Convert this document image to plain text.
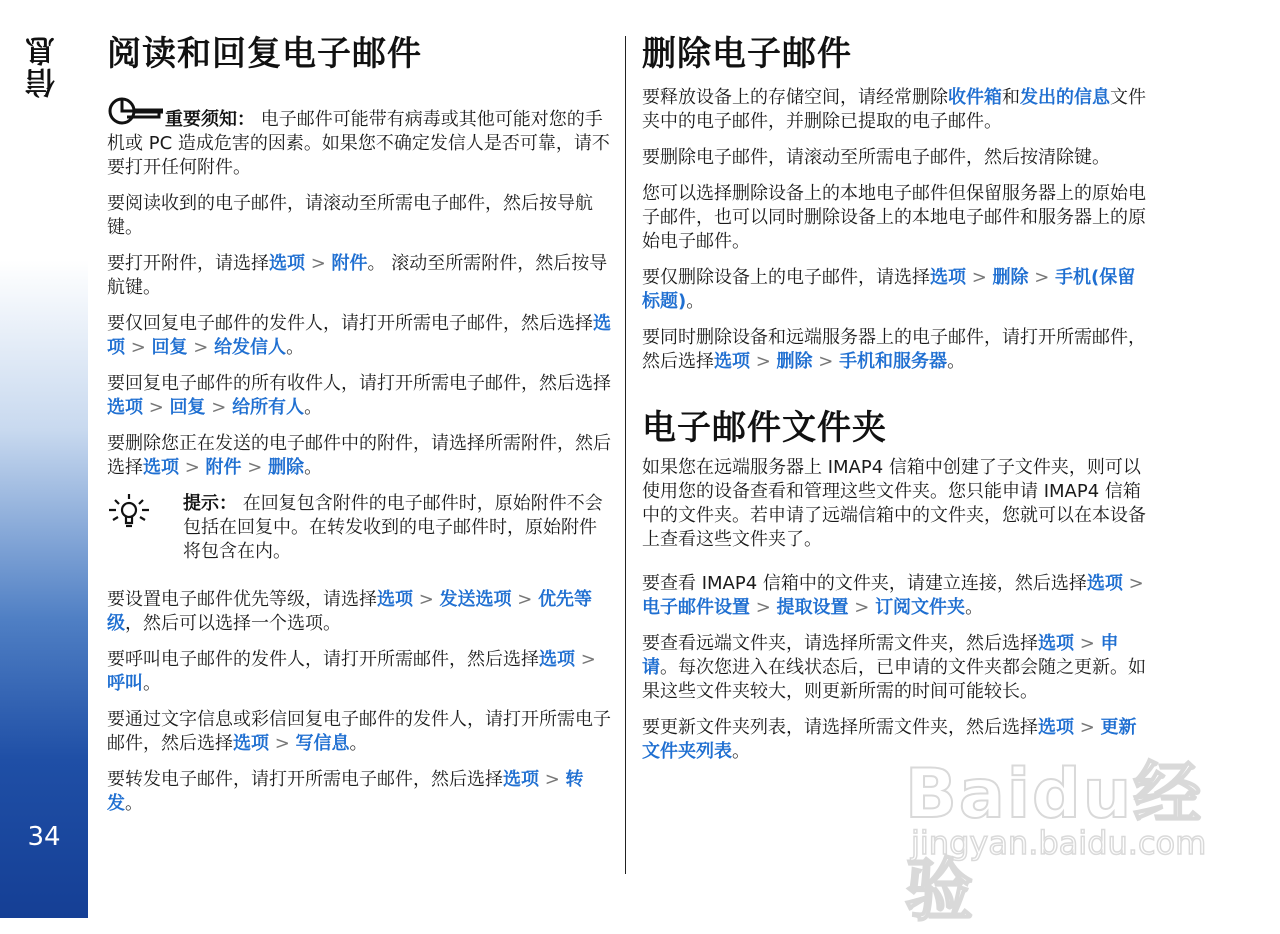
信息
34
阅读和回复电子邮件

重要须知： 电子邮件可能带有病毒或其他可能对您的手机或 PC 造成危害的因素。如果您不确定发信人是否可靠，请不要打开任何附件。

要阅读收到的电子邮件，请滚动至所需电子邮件，然后按导航键。

要打开附件，请选择选项 > 附件。 滚动至所需附件，然后按导航键。

要仅回复电子邮件的发件人，请打开所需电子邮件，然后选择选项 > 回复 > 给发信人。

要回复电子邮件的所有收件人，请打开所需电子邮件，然后选择选项 > 回复 > 给所有人。

要删除您正在发送的电子邮件中的附件，请选择所需附件，然后选择选项 > 附件 > 删除。

提示： 在回复包含附件的电子邮件时，原始附件不会包括在回复中。在转发收到的电子邮件时，原始附件将包含在内。

要设置电子邮件优先等级，请选择选项 > 发送选项 > 优先等级，然后可以选择一个选项。

要呼叫电子邮件的发件人，请打开所需邮件，然后选择选项 > 呼叫。

要通过文字信息或彩信回复电子邮件的发件人，请打开所需电子邮件，然后选择选项 > 写信息。

要转发电子邮件，请打开所需电子邮件，然后选择选项 > 转发。

删除电子邮件

要释放设备上的存储空间，请经常删除收件箱和发出的信息文件夹中的电子邮件，并删除已提取的电子邮件。

要删除电子邮件，请滚动至所需电子邮件，然后按清除键。

您可以选择删除设备上的本地电子邮件但保留服务器上的原始电子邮件，也可以同时删除设备上的本地电子邮件和服务器上的原始电子邮件。

要仅删除设备上的电子邮件，请选择选项 > 删除 > 手机(保留标题)。

要同时删除设备和远端服务器上的电子邮件，请打开所需邮件，然后选择选项 > 删除 > 手机和服务器。

电子邮件文件夹

如果您在远端服务器上 IMAP4 信箱中创建了子文件夹，则可以使用您的设备查看和管理这些文件夹。您只能申请 IMAP4 信箱中的文件夹。若申请了远端信箱中的文件夹，您就可以在本设备上查看这些文件夹了。

要查看 IMAP4 信箱中的文件夹，请建立连接，然后选择选项 > 电子邮件设置 > 提取设置 > 订阅文件夹。

要查看远端文件夹，请选择所需文件夹，然后选择选项 > 申请。每次您进入在线状态后，已申请的文件夹都会随之更新。如果这些文件夹较大，则更新所需的时间可能较长。

要更新文件夹列表，请选择所需文件夹，然后选择选项 > 更新文件夹列表。

Baidu经验
jingyan.baidu.com
